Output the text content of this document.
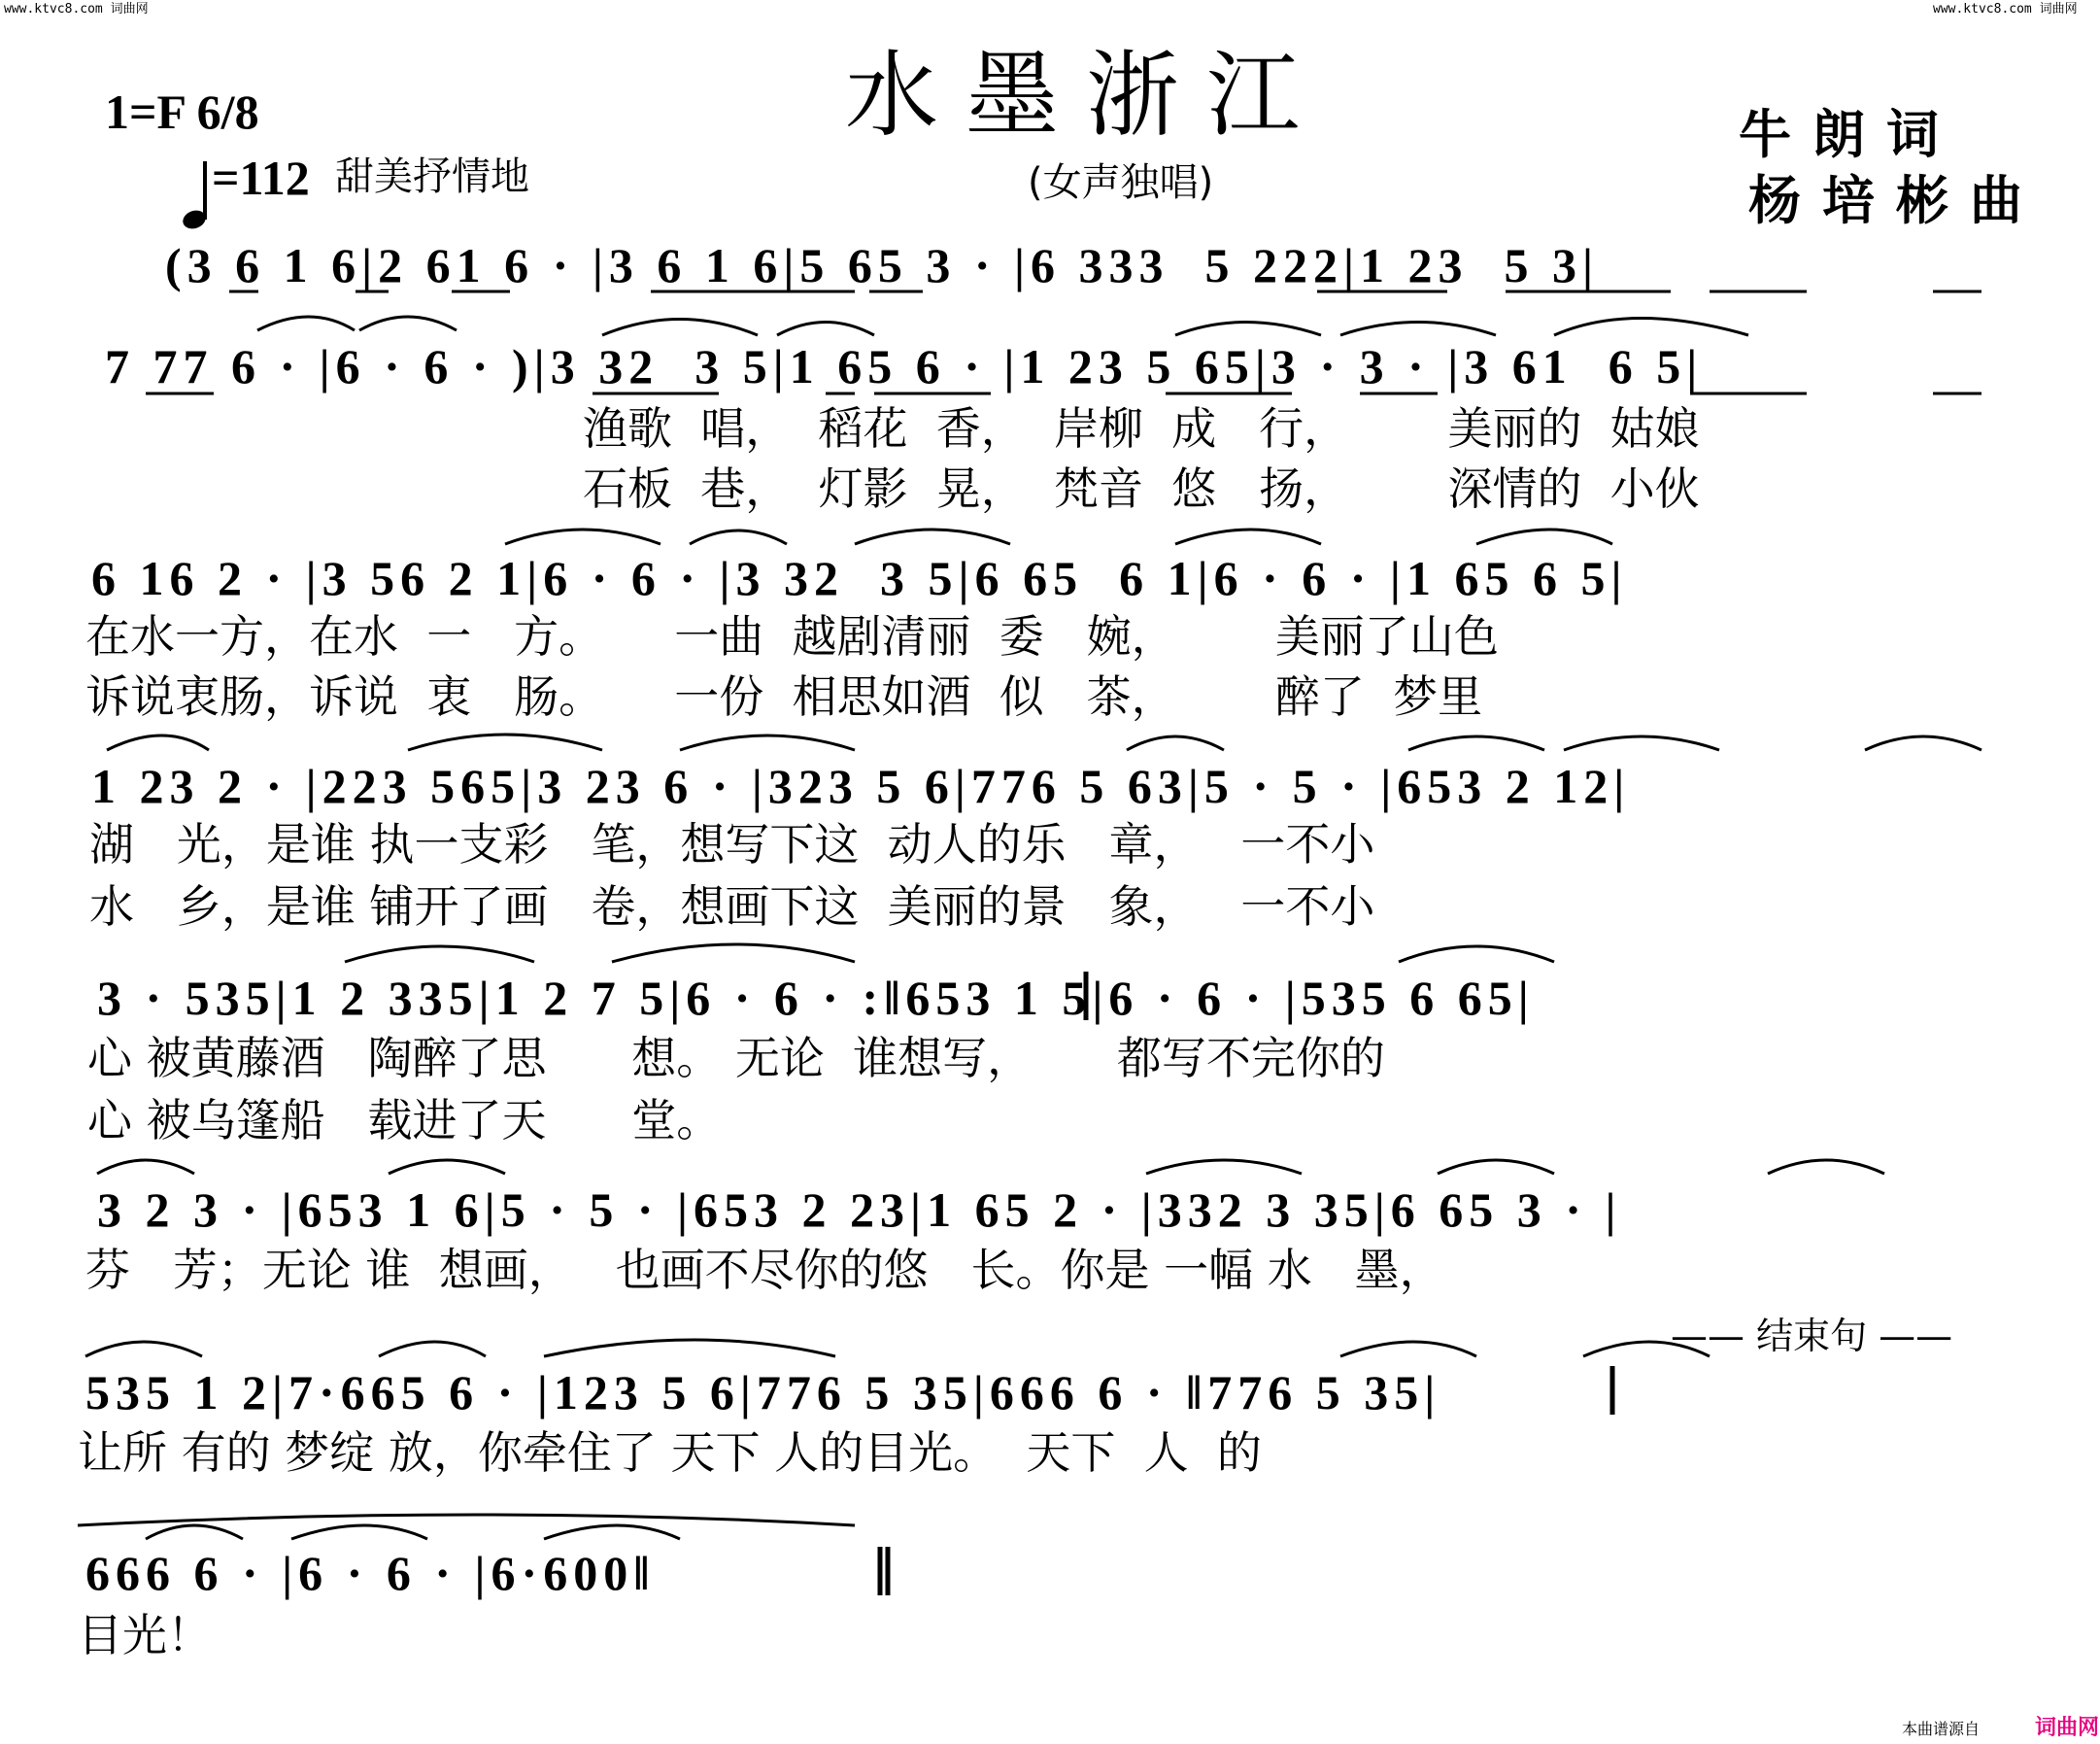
www.ktvc8.com 词曲网	www.ktvc8.com 词曲网
水墨浙江
(女声独唱)
1=F 6/8

=112 甜美抒情地
牛朗词
杨培彬曲
(3 6 1 6|2 61 6 · |3 6 1 6|5 65 3 · |6 333  5 222|1 23  5 3|
7 77 6 · |6 · 6 · )|3 32  3 5|1 65 6 · |1 23 5 65|3 · 3 · |3 61  6 5|
渔歌  唱，  稻花  香，  岸柳  成   行，       美丽的  姑娘
石板  巷，  灯影  晃，  梵音  悠   扬，       深情的  小伙
6 16 2 · |3 56 2 1|6 · 6 · |3 32  3 5|6 65  6 1|6 · 6 · |1 65 6 5|
在水一方，在水  一   方。     一曲  越剧清丽  委   婉，       美丽了山色
诉说衷肠，诉说  衷   肠。     一份  相思如酒  似   茶，       醉了  梦里
1 23 2 · |223 565|3 23 6 · |323 5 6|776 5 63|5 · 5 · |653 2 12|
湖   光，是谁 执一支彩   笔，想写下这  动人的乐   章，   一不小
水   乡，是谁 铺开了画   卷，想画下这  美丽的景   象，   一不小
3 · 535|1 2 335|1 2 7 5|6 · 6 · :‖653 1 5|6 · 6 · |535 6 65|
心 被黄藤酒   陶醉了思      想。 无论  谁想写，      都写不完你的
心 被乌篷船   载进了天      堂。
3 2 3 · |653 1 6|5 · 5 · |653 2 23|1 65 2 · |332 3 35|6 65 3 · |
芬   芳；无论 谁  想画，   也画不尽你的悠   长。你是 一幅 水   墨，
—— 结束句 ——
535 1 2|7·665 6 · |123 5 6|776 5 35|666 6 · ‖776 5 35|
让所 有的 梦绽 放，你牵住了 天下 人的目光。  天下  人  的
666 6 · |6 · 6 · |6·600‖
目光！
本曲谱源自	词曲网
